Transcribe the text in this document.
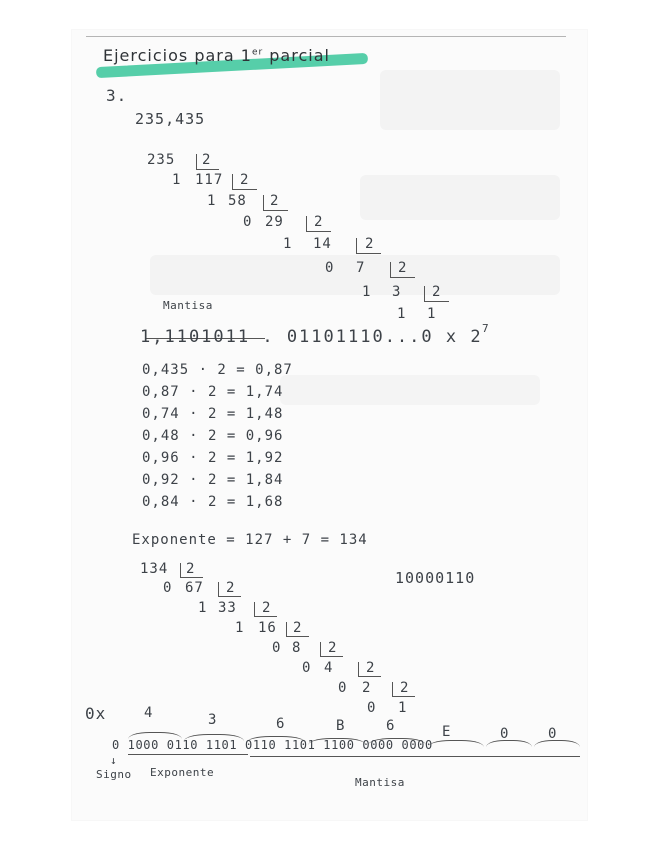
Ejercicios para 1er parcial
3.
235,435
235 2
1 117 2
1 58 2
0 29 2
1 14 2
0 7 2
1 3 2
1 1
Mantisa
1,1101011 . 01101110...0 x 2 7
0,435 · 2 = 0,87
0,87 · 2 = 1,74
0,74 · 2 = 1,48
0,48 · 2 = 0,96
0,96 · 2 = 1,92
0,92 · 2 = 1,84
0,84 · 2 = 1,68
Exponente = 127 + 7 = 134
134 2
0 67 2
1 33 2
1 16 2
0 8 2
0 4 2
0 2 2
0 1
10000110
0x	4	3	6	B	6	E	0	0
0 1000 0110 1101 0110 1101 1100 0000 0000
↓
Signo Exponente
Mantisa
